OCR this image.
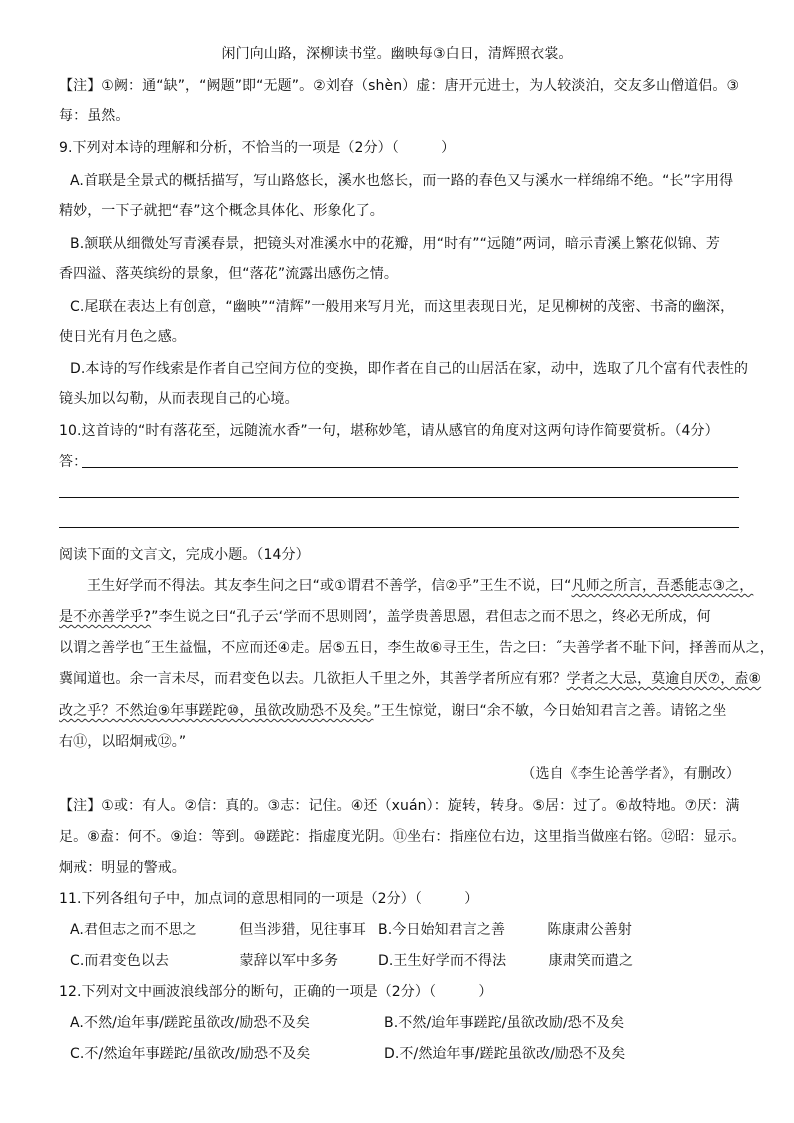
闲门向山路，深柳读书堂。幽映每③白日，清辉照衣裳。
【注】①阙：通“缺”，“阙题”即“无题”。②刘昚（shèn）虚：唐开元进士，为人较淡泊，交友多山僧道侣。③
每：虽然。
9.下列对本诗的理解和分析，不恰当的一项是（2分）（　　　）
A.首联是全景式的概括描写，写山路悠长，溪水也悠长，而一路的春色又与溪水一样绵绵不绝。“长”字用得
精妙，一下子就把“春”这个概念具体化、形象化了。
B.颔联从细微处写青溪春景，把镜头对准溪水中的花瓣，用“时有”“远随”两词，暗示青溪上繁花似锦、芳
香四溢、落英缤纷的景象，但“落花”流露出感伤之情。
C.尾联在表达上有创意，“幽映”“清辉”一般用来写月光，而这里表现日光，足见柳树的茂密、书斋的幽深，
使日光有月色之感。
D.本诗的写作线索是作者自己空间方位的变换，即作者在自己的山居活在家，动中，选取了几个富有代表性的
镜头加以勾勒，从而表现自己的心境。
10.这首诗的“时有落花至，远随流水香”一句，堪称妙笔，请从感官的角度对这两句诗作简要赏析。（4分）
答：
阅读下面的文言文，完成小题。（14分）
王生好学而不得法。其友李生问之曰“或①谓君不善学，信②乎”王生不说，曰“凡师之所言，吾悉能志③之，
是不亦善学乎?”李生说之曰“孔子云‘学而不思则罔’，盖学贵善思恩，君但志之而不思之，终必无所成，何
以谓之善学也˝王生益愠，不应而还④走。居⑤五日，李生故⑥寻王生，告之曰：˝夫善学者不耻下问，择善而从之，
冀闻道也。余一言未尽，而君变色以去。几欲拒人千里之外，其善学者所应有邪？学者之大忌，莫逾自厌⑦，盍⑧
改之乎？不然迨⑨年事蹉跎⑩，虽欲改励恐不及矣。”王生惊觉，谢曰“余不敏，今日始知君言之善。请铭之坐
右⑪，以昭炯戒⑫。”
（选自《李生论善学者》，有删改）
【注】①或：有人。②信：真的。③志：记住。④还（xuán）：旋转，转身。⑤居：过了。⑥故特地。⑦厌：满
足。⑧盍：何不。⑨迨：等到。⑩蹉跎：指虚度光阴。⑪坐右：指座位右边，这里指当做座右铭。⑫昭：显示。
炯戒：明显的警戒。
11.下列各组句子中，加点词的意思相同的一项是（2分）（　　　）
A.君但志之而不思之　　　但当涉猎，见往事耳 B.今日始知君言之善　　　陈康肃公善射
C.而君变色以去　　　　　蒙辞以军中多务	D.王生好学而不得法　　　康肃笑而遣之
12.下列对文中画波浪线部分的断句，正确的一项是（2分）（　　　）
A.不然/迨年事/蹉跎虽欲改/励恐不及矣	B.不然/迨年事蹉跎/虽欲改励/恐不及矣
C.不/然迨年事蹉跎/虽欲改/励恐不及矣	D.不/然迨年事/蹉跎虽欲改/励恐不及矣
